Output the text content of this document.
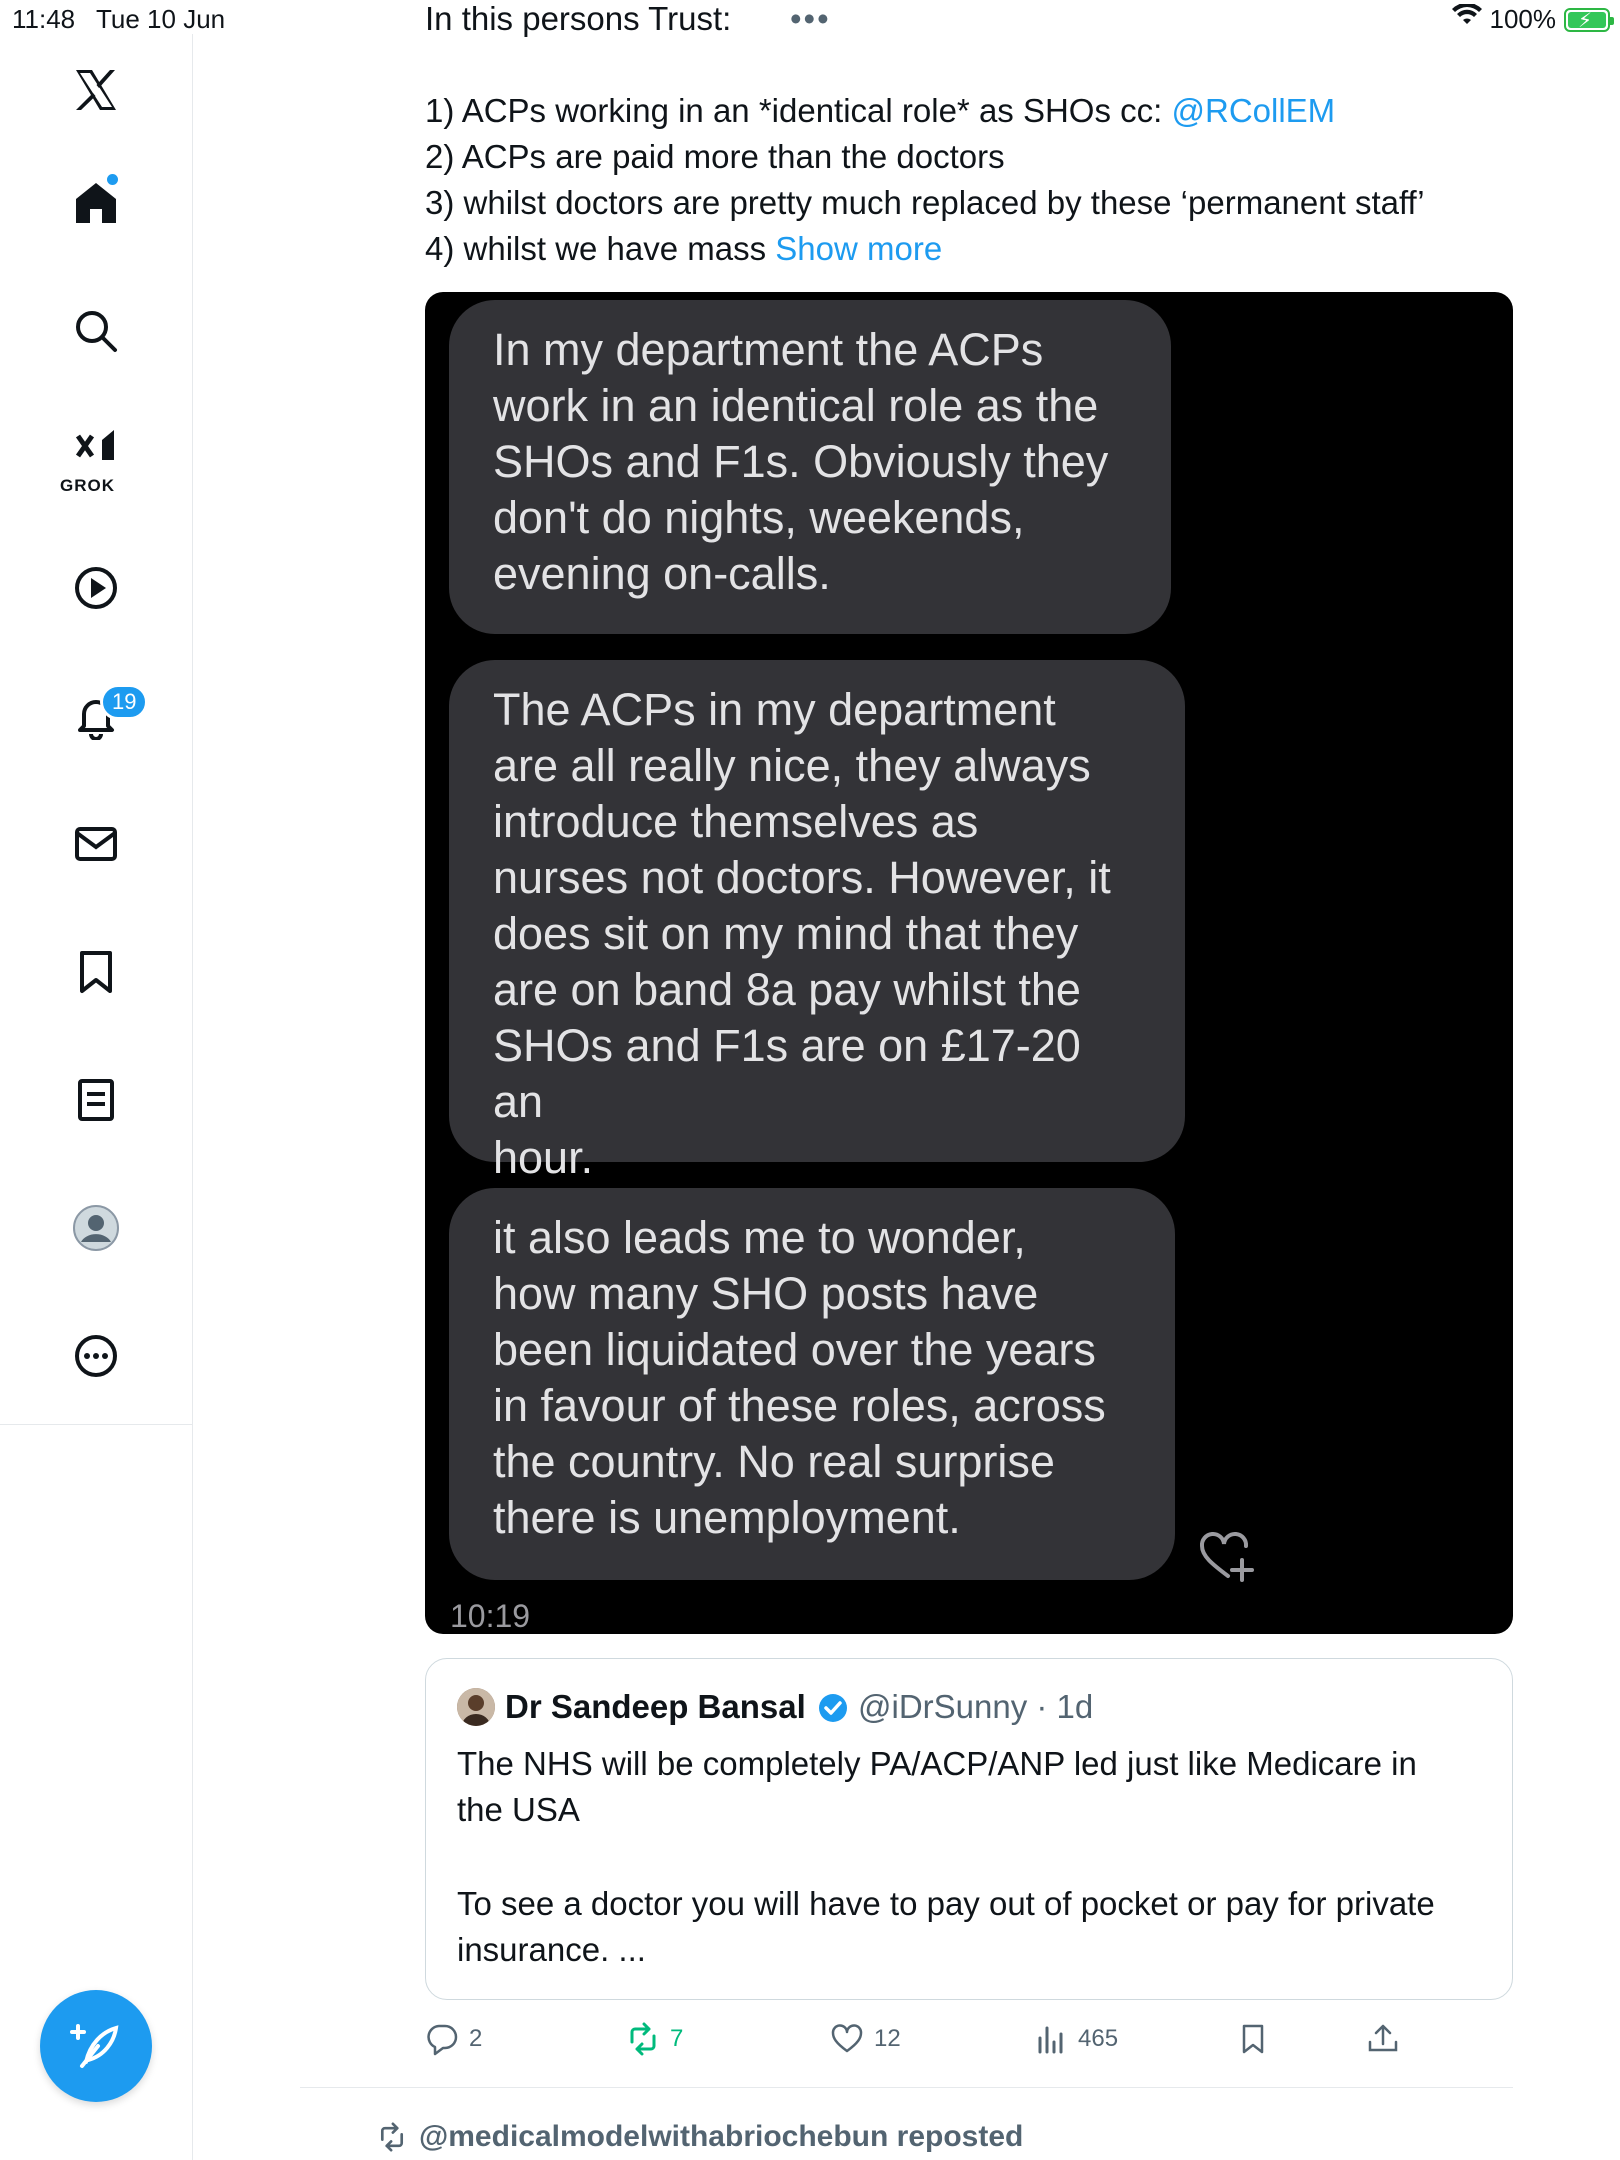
11:48 Tue 10 Jun	100% ⚡
GROK
19
In this persons Trust: •••
1) ACPs working in an *identical role* as SHOs cc: @RCollEM
2) ACPs are paid more than the doctors
3) whilst doctors are pretty much replaced by these ‘permanent staff’
4) whilst we have mass Show more
In my department the ACPs
work in an identical role as the
SHOs and F1s. Obviously they
don't do nights, weekends,
evening on-calls.
The ACPs in my department
are all really nice, they always
introduce themselves as
nurses not doctors. However, it
does sit on my mind that they
are on band 8a pay whilst the
SHOs and F1s are on £17-20 an
hour.
it also leads me to wonder,
how many SHO posts have
been liquidated over the years
in favour of these roles, across
the country. No real surprise
there is unemployment.
10:19
Dr Sandeep Bansal @iDrSunny · 1d
The NHS will be completely PA/ACP/ANP led just like Medicare in
the USA
To see a doctor you will have to pay out of pocket or pay for private
insurance. ...
2	7	12	465
@medicalmodelwithabriochebun reposted
